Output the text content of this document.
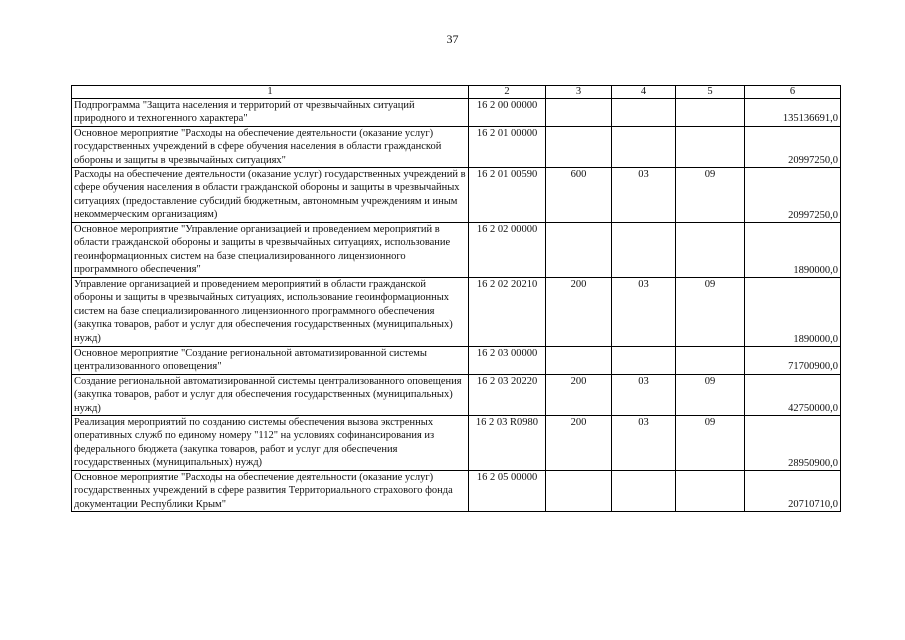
37
1	2	3	4	5	6
Подпрограмма "Защита населения и территорий от чрезвычайных ситуаций природного и техногенного характера"	16 2 00 00000				135136691,0
Основное мероприятие "Расходы на обеспечение деятельности (оказание услуг) государственных учреждений в сфере обучения населения в области гражданской обороны и защиты в чрезвычайных ситуациях"	16 2 01 00000				20997250,0
Расходы на обеспечение деятельности (оказание услуг) государственных учреждений в сфере обучения населения в области гражданской обороны и защиты в чрезвычайных ситуациях (предоставление субсидий бюджетным, автономным учреждениям и иным некоммерческим организациям)	16 2 01 00590	600	03	09	20997250,0
Основное мероприятие "Управление организацией и проведением мероприятий в области гражданской обороны и защиты в чрезвычайных ситуациях, использование геоинформационных систем на базе специализированного лицензионного программного обеспечения"	16 2 02 00000				1890000,0
Управление организацией и проведением мероприятий в области гражданской обороны и защиты в чрезвычайных ситуациях, использование геоинформационных систем на базе специализированного лицензионного программного обеспечения (закупка товаров, работ и услуг для обеспечения государственных (муниципальных) нужд)	16 2 02 20210	200	03	09	1890000,0
Основное мероприятие "Создание региональной автоматизированной системы централизованного оповещения"	16 2 03 00000				71700900,0
Создание региональной автоматизированной системы централизованного оповещения (закупка товаров, работ и услуг для обеспечения государственных (муниципальных) нужд)	16 2 03 20220	200	03	09	42750000,0
Реализация мероприятий по созданию системы обеспечения вызова экстренных оперативных служб по единому номеру "112" на условиях софинансирования из федерального бюджета (закупка товаров, работ и услуг для обеспечения государственных (муниципальных) нужд)	16 2 03 R0980	200	03	09	28950900,0
Основное мероприятие "Расходы на обеспечение деятельности (оказание услуг) государственных учреждений в сфере развития Территориального страхового фонда документации Республики Крым"	16 2 05 00000				20710710,0
